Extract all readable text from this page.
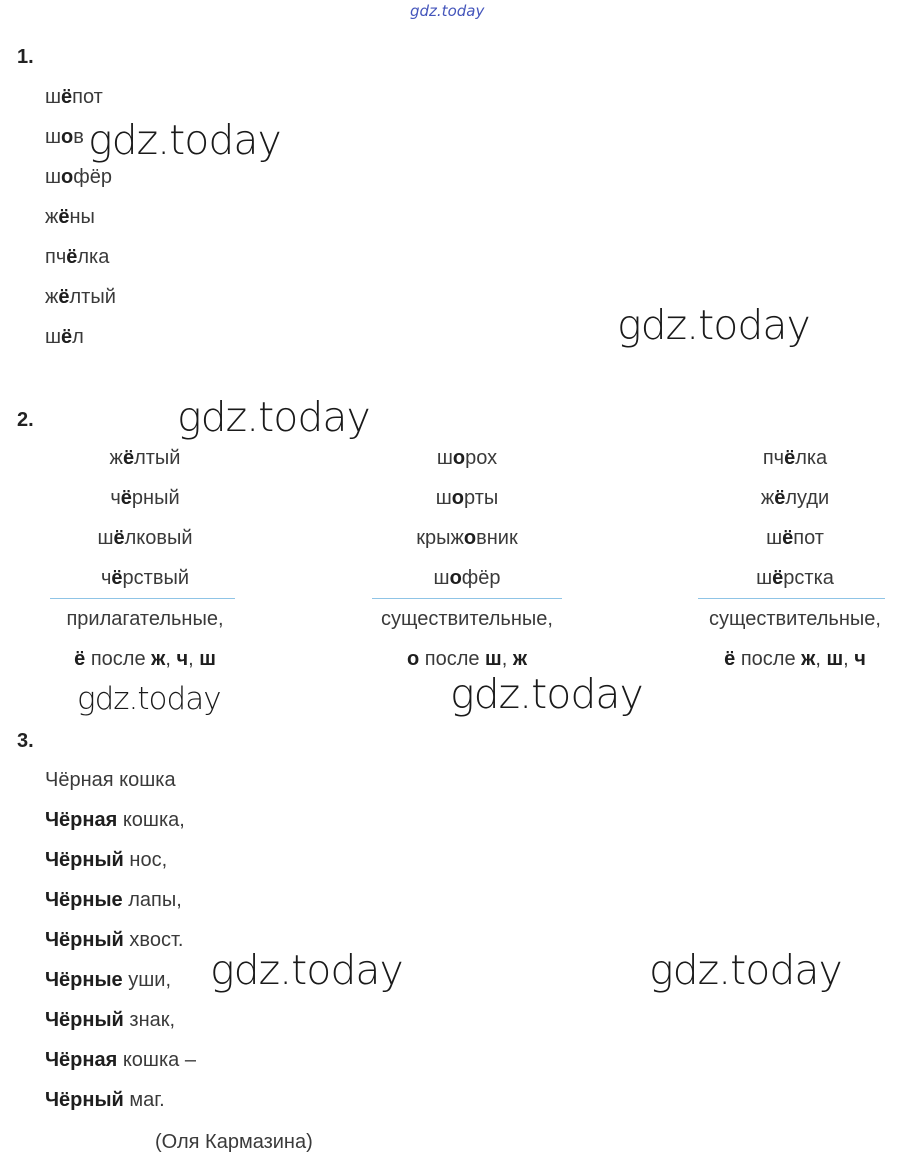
gdz.today
gdz.today
gdz.today
gdz.today
gdz.today	gdz.today
gdz.today	gdz.today
1.
шёпот
шов
шофёр
жёны
пчёлка
жёлтый
шёл
2.
жёлтый
чёрный
шёлковый
чёрствый
прилагательные,
ё после ж, ч, ш
шорох
шорты
крыжовник
шофёр
существительные,
о после ш, ж
пчёлка
жёлуди
шёпот
шёрстка
существительные,
ё после ж, ш, ч
3.
Чёрная кошка
Чёрная кошка,
Чёрный нос,
Чёрные лапы,
Чёрный хвост.
Чёрные уши,
Чёрный знак,
Чёрная кошка –
Чёрный маг.
(Оля Кармазина)
